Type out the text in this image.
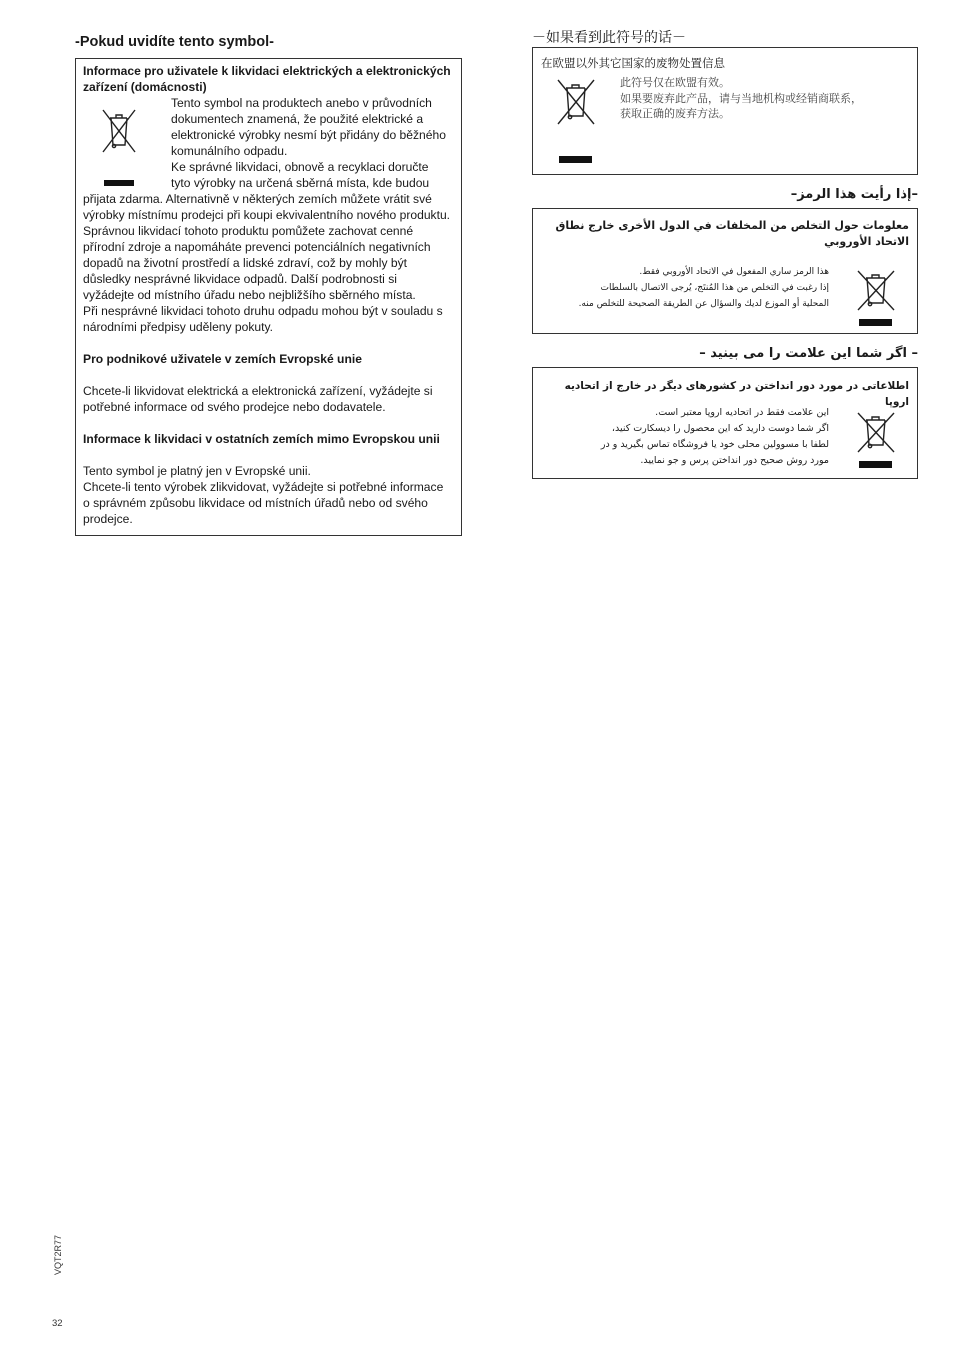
-Pokud uvidíte tento symbol-

Informace pro uživatele k likvidaci elektrických a elektronických zařízení (domácnosti)

Tento symbol na produktech anebo v průvodních dokumentech znamená, že použité elektrické a elektronické výrobky nesmí být přidány do běžného komunálního odpadu.

Ke správné likvidaci, obnově a recyklaci doručte tyto výrobky na určená sběrná místa, kde budou přijata zdarma. Alternativně v některých zemích můžete vrátit své výrobky místnímu prodejci při koupi ekvivalentního nového produktu.

Správnou likvidací tohoto produktu pomůžete zachovat cenné přírodní zdroje a napomáháte prevenci potenciálních negativních dopadů na životní prostředí a lidské zdraví, což by mohly být důsledky nesprávné likvidace odpadů. Další podrobnosti si vyžádejte od místního úřadu nebo nejbližšího sběrného místa.

Při nesprávné likvidaci tohoto druhu odpadu mohou být v souladu s národními předpisy uděleny pokuty.

Pro podnikové uživatele v zemích Evropské unie

Chcete-li likvidovat elektrická a elektronická zařízení, vyžádejte si potřebné informace od svého prodejce nebo dodavatele.

Informace k likvidaci v ostatních zemích mimo Evropskou unii

Tento symbol je platný jen v Evropské unii.

Chcete-li tento výrobek zlikvidovat, vyžádejte si potřebné informace o správném způsobu likvidace od místních úřadů nebo od svého prodejce.

－如果看到此符号的话－
在欧盟以外其它国家的废物处置信息
此符号仅在欧盟有效。
如果要废弃此产品，请与当地机构或经销商联系，
获取正确的废弃方法。
–إذا رأيت هذا الرمز–
معلومات حول التخلص من المخلفات في الدول الأخرى خارج نطاق الاتحاد الأوروبي
هذا الرمز ساري المفعول في الاتحاد الأوروبي فقط.
إذا رغبت في التخلص من هذا المُنتَج، يُرجى الاتصال بالسلطات
المحلية أو الموزع لديك والسؤال عن الطريقة الصحيحة للتخلص منه.
– اگر شما این علامت را می بینید –
اطلاعاتی در مورد دور انداختن در کشورهای دیگر در خارج از اتحادیه اروپا
این علامت فقط در اتحادیه اروپا معتبر است.
اگر شما دوست دارید که این محصول را دیسکارت کنید،
لطفا با مسوولین محلی خود یا فروشگاه تماس بگیرید و در
مورد روش صحیح دور انداختن پرس و جو نمایید.
VQT2R77
32
